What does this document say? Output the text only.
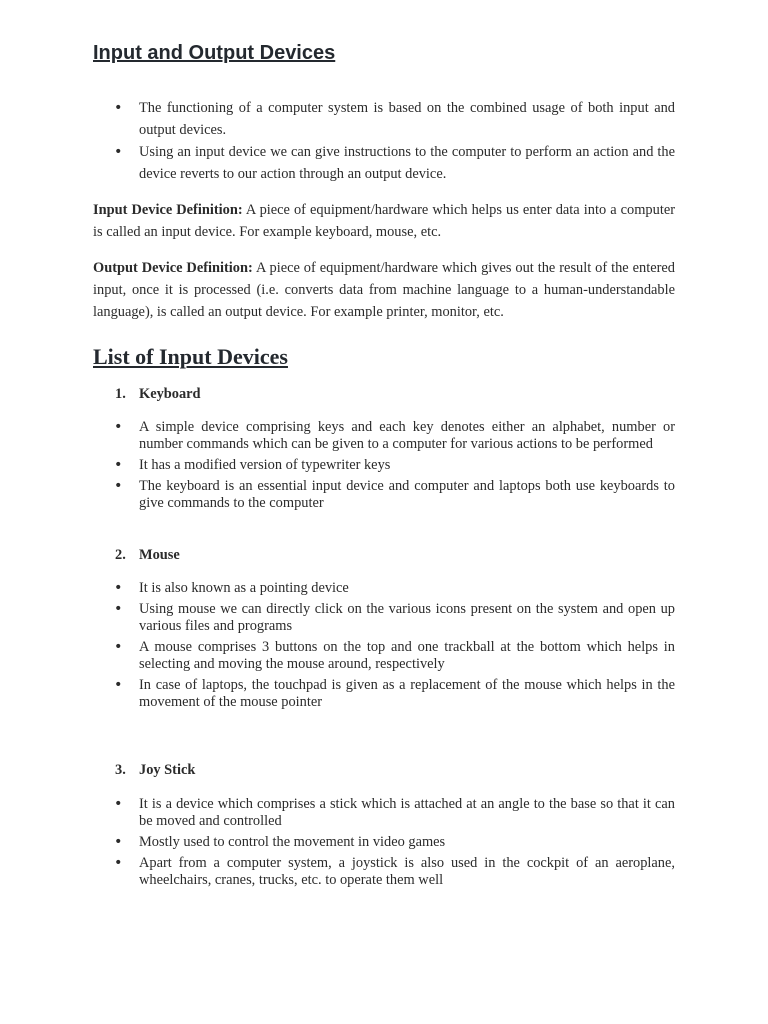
Input and Output Devices
• The functioning of a computer system is based on the combined usage of both input and output devices.
• Using an input device we can give instructions to the computer to perform an action and the device reverts to our action through an output device.

Input Device Definition: A piece of equipment/hardware which helps us enter data into a computer is called an input device. For example keyboard, mouse, etc.

Output Device Definition: A piece of equipment/hardware which gives out the result of the entered input, once it is processed (i.e. converts data from machine language to a human-understandable language), is called an output device. For example printer, monitor, etc.

List of Input Devices
1. Keyboard
• A simple device comprising keys and each key denotes either an alphabet, number or number commands which can be given to a computer for various actions to be performed
• It has a modified version of typewriter keys
• The keyboard is an essential input device and computer and laptops both use keyboards to give commands to the computer
2. Mouse
• It is also known as a pointing device
• Using mouse we can directly click on the various icons present on the system and open up various files and programs
• A mouse comprises 3 buttons on the top and one trackball at the bottom which helps in selecting and moving the mouse around, respectively
• In case of laptops, the touchpad is given as a replacement of the mouse which helps in the movement of the mouse pointer
3. Joy Stick
• It is a device which comprises a stick which is attached at an angle to the base so that it can be moved and controlled
• Mostly used to control the movement in video games
• Apart from a computer system, a joystick is also used in the cockpit of an aeroplane, wheelchairs, cranes, trucks, etc. to operate them well
